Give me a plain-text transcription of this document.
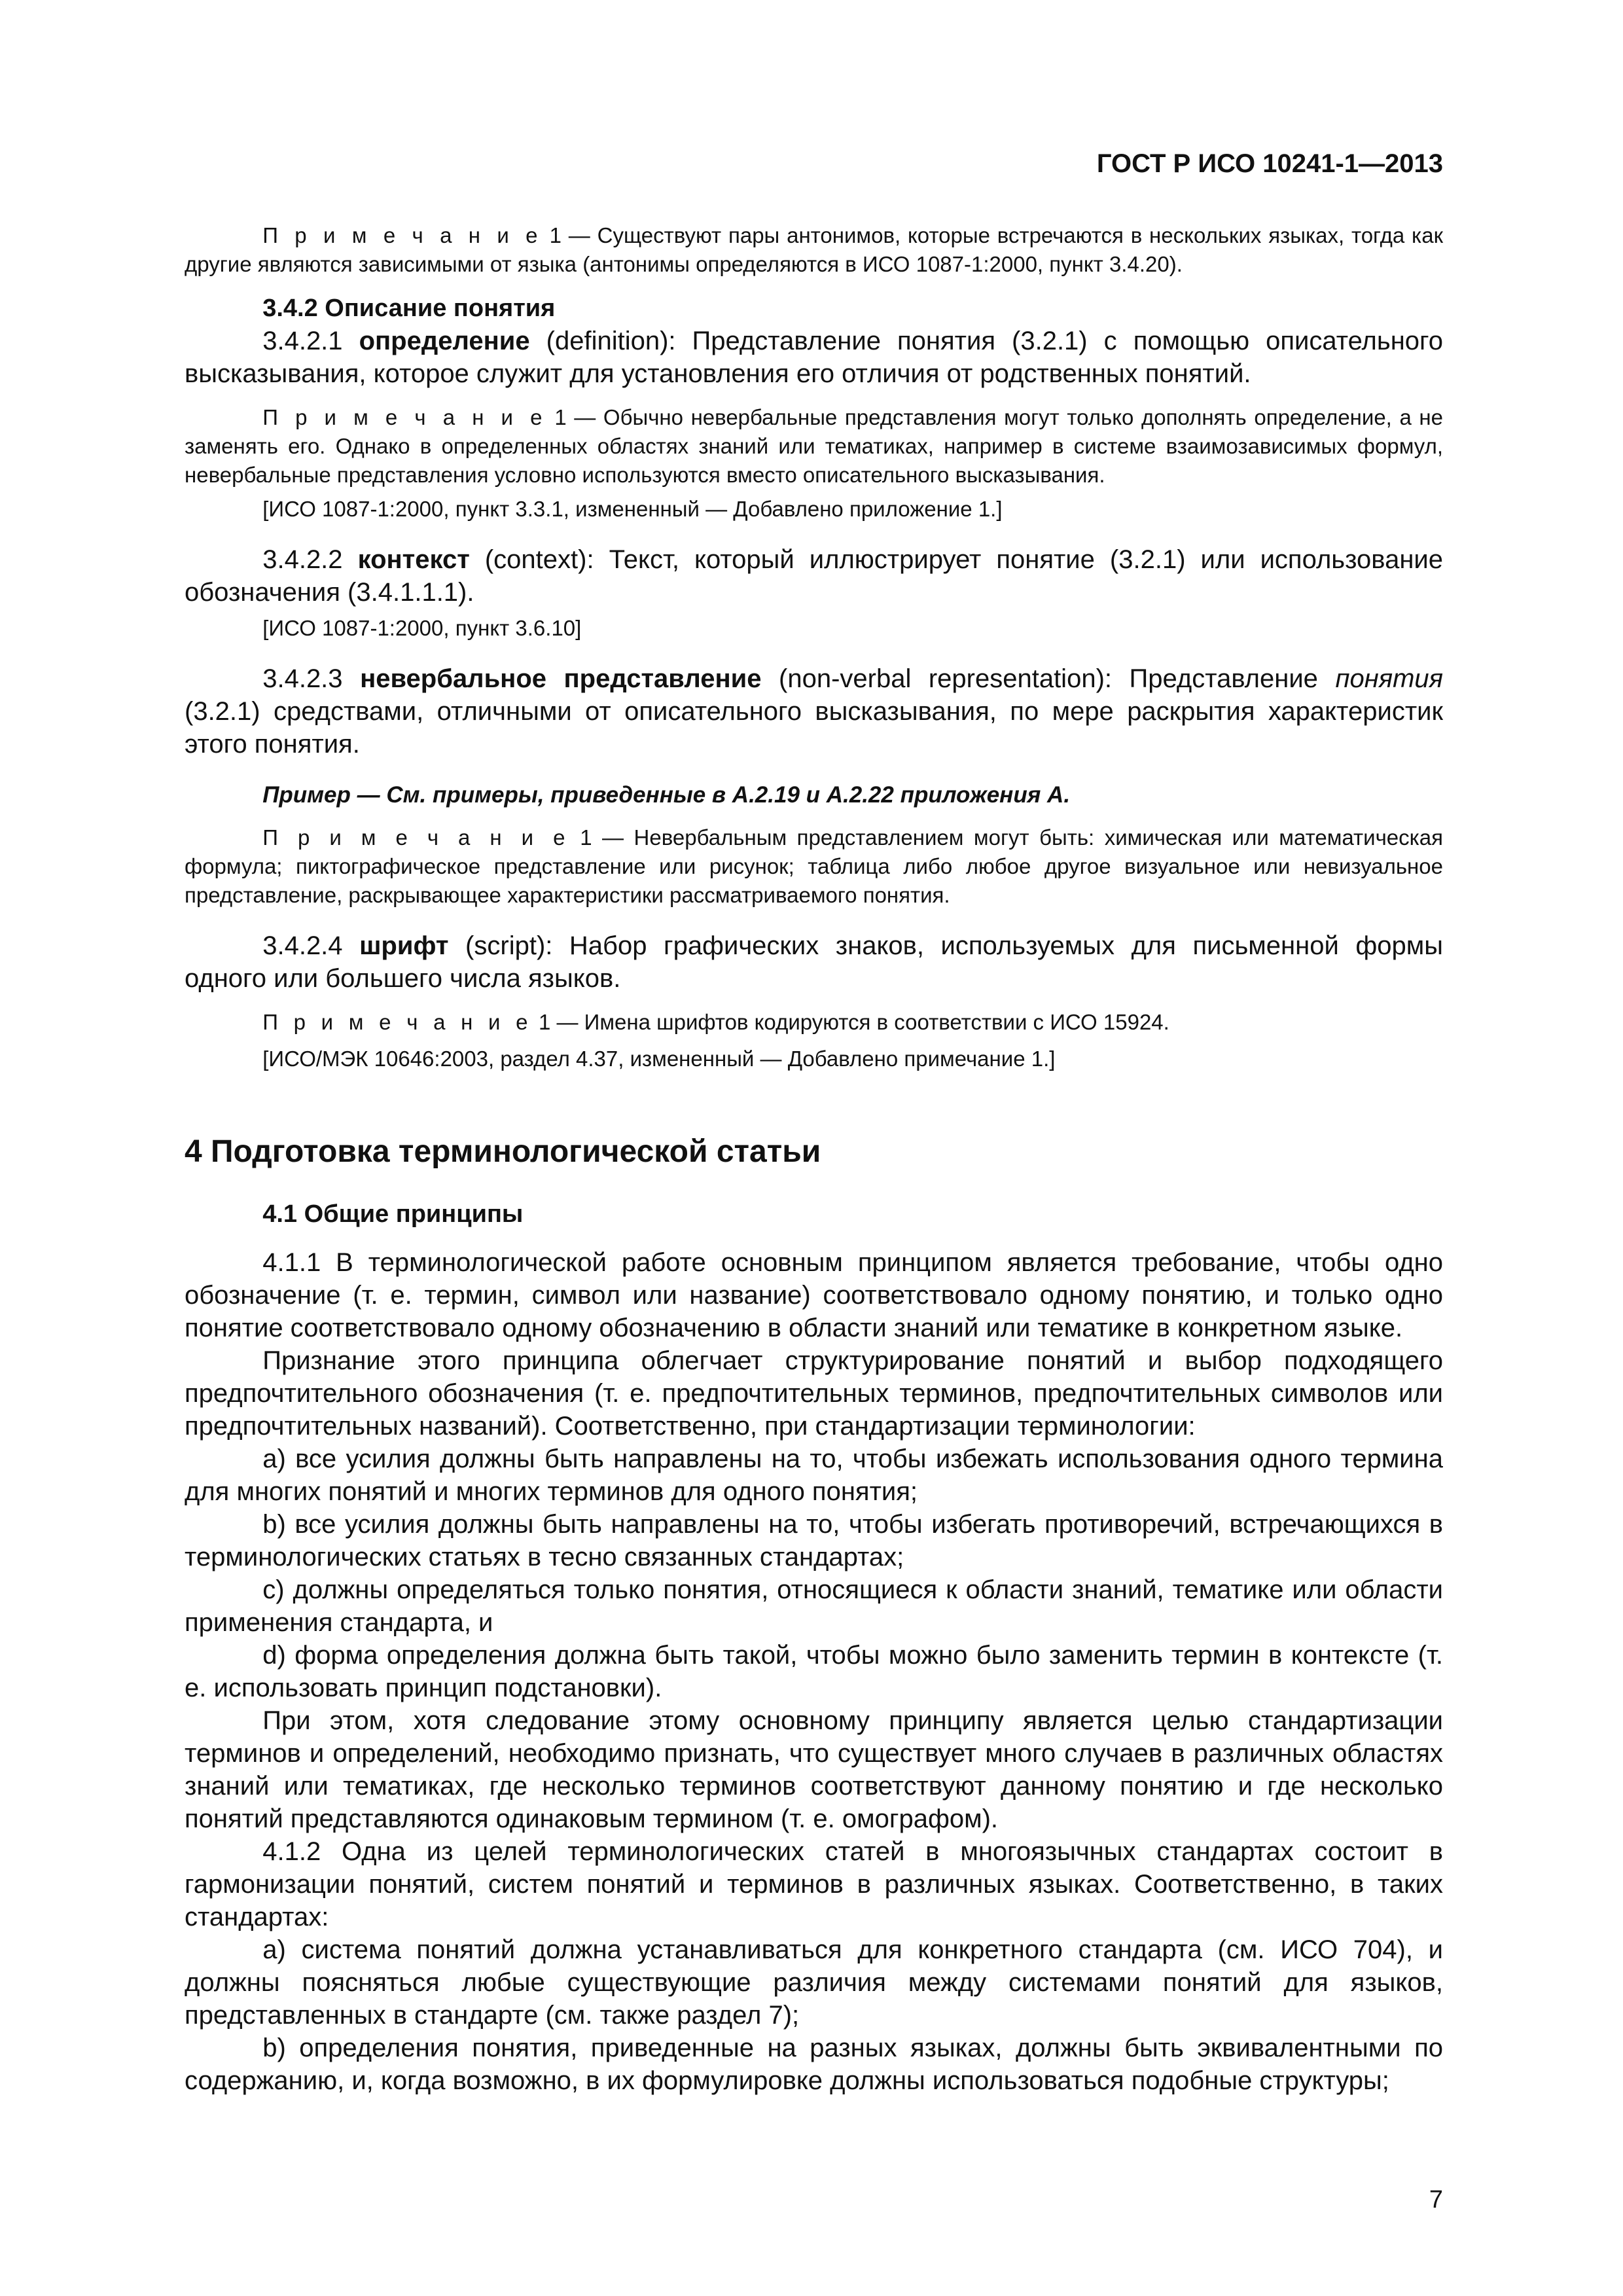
ГОСТ Р ИСО 10241-1—2013

П р и м е ч а н и е 1 — Существуют пары антонимов, которые встречаются в нескольких языках, тогда как другие являются зависимыми от языка (антонимы определяются в ИСО 1087-1:2000, пункт 3.4.20).

3.4.2 Описание понятия

3.4.2.1 определение (definition): Представление понятия (3.2.1) с помощью описательного высказывания, которое служит для установления его отличия от родственных понятий.

П р и м е ч а н и е 1 — Обычно невербальные представления могут только дополнять определение, а не заменять его. Однако в определенных областях знаний или тематиках, например в системе взаимозависимых формул, невербальные представления условно используются вместо описательного высказывания.

[ИСО 1087-1:2000, пункт 3.3.1, измененный — Добавлено приложение 1.]

3.4.2.2 контекст (context): Текст, который иллюстрирует понятие (3.2.1) или использование обозначения (3.4.1.1.1).

[ИСО 1087-1:2000, пункт 3.6.10]

3.4.2.3 невербальное представление (non-verbal representation): Представление понятия (3.2.1) средствами, отличными от описательного высказывания, по мере раскрытия характеристик этого понятия.

Пример — См. примеры, приведенные в А.2.19 и А.2.22 приложения А.

П р и м е ч а н и е 1 — Невербальным представлением могут быть: химическая или математическая формула; пиктографическое представление или рисунок; таблица либо любое другое визуальное или невизуальное представление, раскрывающее характеристики рассматриваемого понятия.

3.4.2.4 шрифт (script): Набор графических знаков, используемых для письменной формы одного или большего числа языков.

П р и м е ч а н и е 1 — Имена шрифтов кодируются в соответствии с ИСО 15924.

[ИСО/МЭК 10646:2003, раздел 4.37, измененный — Добавлено примечание 1.]

4 Подготовка терминологической статьи

4.1 Общие принципы

4.1.1 В терминологической работе основным принципом является требование, чтобы одно обозначение (т. е. термин, символ или название) соответствовало одному понятию, и только одно понятие соответствовало одному обозначению в области знаний или тематике в конкретном языке.

Признание этого принципа облегчает структурирование понятий и выбор подходящего предпочтительного обозначения (т. е. предпочтительных терминов, предпочтительных символов или предпочтительных названий). Соответственно, при стандартизации терминологии:

a) все усилия должны быть направлены на то, чтобы избежать использования одного термина для многих понятий и многих терминов для одного понятия;

b) все усилия должны быть направлены на то, чтобы избегать противоречий, встречающихся в терминологических статьях в тесно связанных стандартах;

c) должны определяться только понятия, относящиеся к области знаний, тематике или области применения стандарта, и

d) форма определения должна быть такой, чтобы можно было заменить термин в контексте (т. е. использовать принцип подстановки).

При этом, хотя следование этому основному принципу является целью стандартизации терминов и определений, необходимо признать, что существует много случаев в различных областях знаний или тематиках, где несколько терминов соответствуют данному понятию и где несколько понятий представляются одинаковым термином (т. е. омографом).

4.1.2 Одна из целей терминологических статей в многоязычных стандартах состоит в гармонизации понятий, систем понятий и терминов в различных языках. Соответственно, в таких стандартах:

a) система понятий должна устанавливаться для конкретного стандарта (см. ИСО 704), и должны поясняться любые существующие различия между системами понятий для языков, представленных в стандарте (см. также раздел 7);

b) определения понятия, приведенные на разных языках, должны быть эквивалентными по содержанию, и, когда возможно, в их формулировке должны использоваться подобные структуры;

7
